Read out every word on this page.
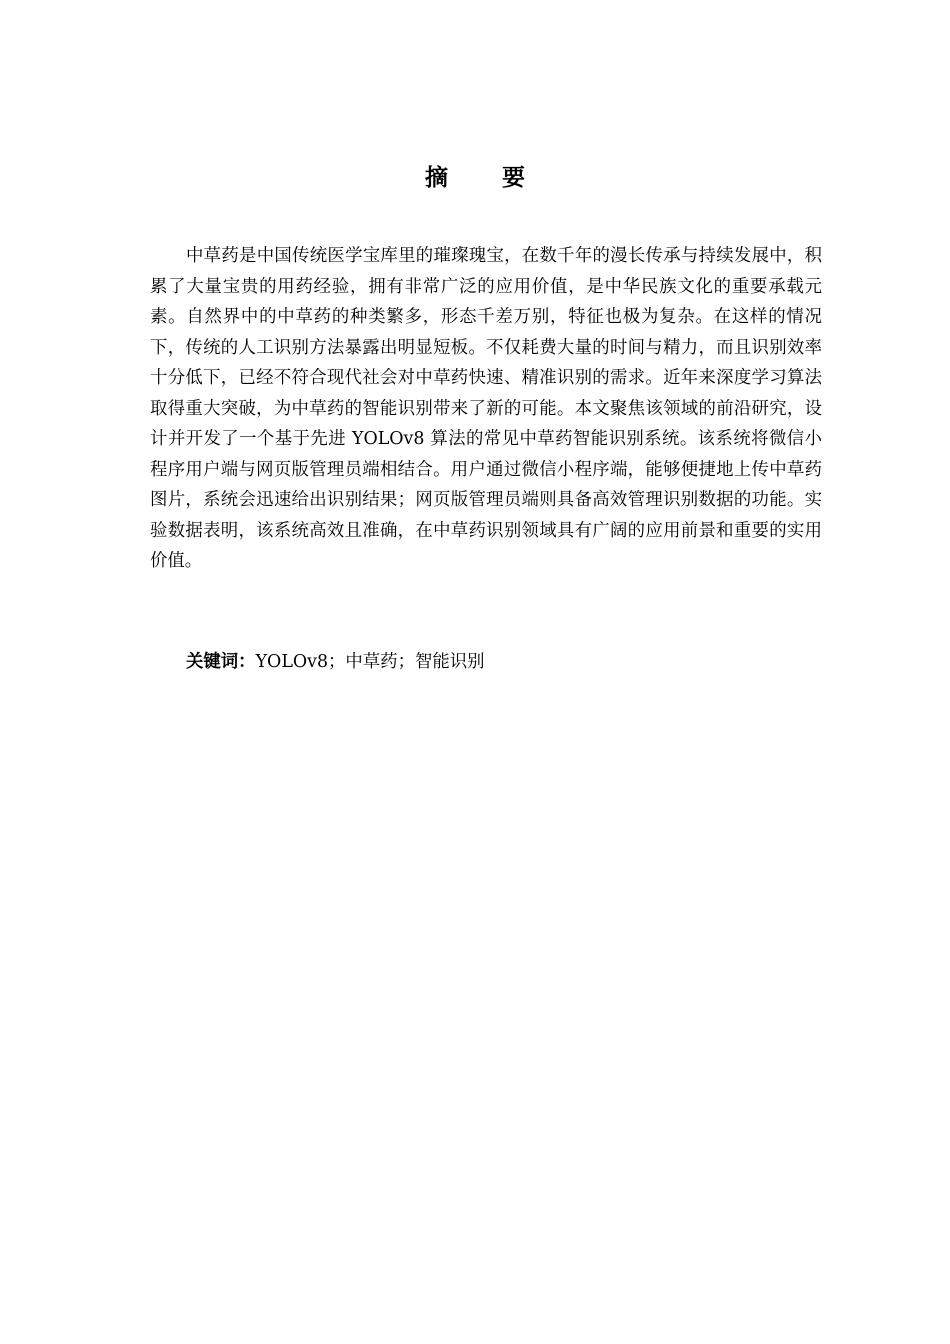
摘 要

中草药是中国传统医学宝库里的璀璨瑰宝，在数千年的漫长传承与持续发展中，积累了大量宝贵的用药经验，拥有非常广泛的应用价值，是中华民族文化的重要承载元素。自然界中的中草药的种类繁多，形态千差万别，特征也极为复杂。在这样的情况下，传统的人工识别方法暴露出明显短板。不仅耗费大量的时间与精力，而且识别效率十分低下，已经不符合现代社会对中草药快速、精准识别的需求。近年来深度学习算法取得重大突破，为中草药的智能识别带来了新的可能。本文聚焦该领域的前沿研究，设计并开发了一个基于先进 YOLOv8 算法的常见中草药智能识别系统。该系统将微信小程序用户端与网页版管理员端相结合。用户通过微信小程序端，能够便捷地上传中草药图片，系统会迅速给出识别结果；网页版管理员端则具备高效管理识别数据的功能。实验数据表明，该系统高效且准确，在中草药识别领域具有广阔的应用前景和重要的实用价值。

关键词：YOLOv8；中草药；智能识别
